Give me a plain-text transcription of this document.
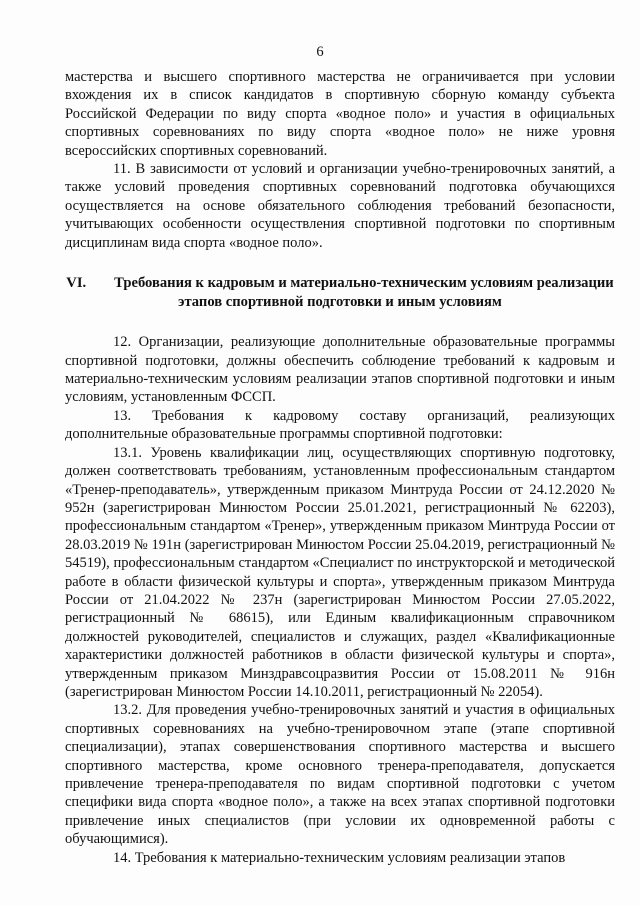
6

мастерства и высшего спортивного мастерства не ограничивается при условии вхождения их в список кандидатов в спортивную сборную команду субъекта Российской Федерации по виду спорта «водное поло» и участия в официальных спортивных соревнованиях по виду спорта «водное поло» не ниже уровня всероссийских спортивных соревнований.

11. В зависимости от условий и организации учебно-тренировочных занятий, а также условий проведения спортивных соревнований подготовка обучающихся осуществляется на основе обязательного соблюдения требований безопасности, учитывающих особенности осуществления спортивной подготовки по спортивным дисциплинам вида спорта «водное поло».

VI. Требования к кадровым и материально-техническим условиям реализации этапов спортивной подготовки и иным условиям

12. Организации, реализующие дополнительные образовательные программы спортивной подготовки, должны обеспечить соблюдение требований к кадровым и материально-техническим условиям реализации этапов спортивной подготовки и иным условиям, установленным ФССП.

13. Требования к кадровому составу организаций, реализующих дополнительные образовательные программы спортивной подготовки:

13.1. Уровень квалификации лиц, осуществляющих спортивную подготовку, должен соответствовать требованиям, установленным профессиональным стандартом «Тренер-преподаватель», утвержденным приказом Минтруда России от 24.12.2020 № 952н (зарегистрирован Минюстом России 25.01.2021, регистрационный № 62203), профессиональным стандартом «Тренер», утвержденным приказом Минтруда России от 28.03.2019 № 191н (зарегистрирован Минюстом России 25.04.2019, регистрационный № 54519), профессиональным стандартом «Специалист по инструкторской и методической работе в области физической культуры и спорта», утвержденным приказом Минтруда России от 21.04.2022 № 237н (зарегистрирован Минюстом России 27.05.2022, регистрационный № 68615), или Единым квалификационным справочником должностей руководителей, специалистов и служащих, раздел «Квалификационные характеристики должностей работников в области физической культуры и спорта», утвержденным приказом Минздравсоцразвития России от 15.08.2011 № 916н (зарегистрирован Минюстом России 14.10.2011, регистрационный № 22054).

13.2. Для проведения учебно-тренировочных занятий и участия в официальных спортивных соревнованиях на учебно-тренировочном этапе (этапе спортивной специализации), этапах совершенствования спортивного мастерства и высшего спортивного мастерства, кроме основного тренера-преподавателя, допускается привлечение тренера-преподавателя по видам спортивной подготовки с учетом специфики вида спорта «водное поло», а также на всех этапах спортивной подготовки привлечение иных специалистов (при условии их одновременной работы с обучающимися).

14. Требования к материально-техническим условиям реализации этапов
